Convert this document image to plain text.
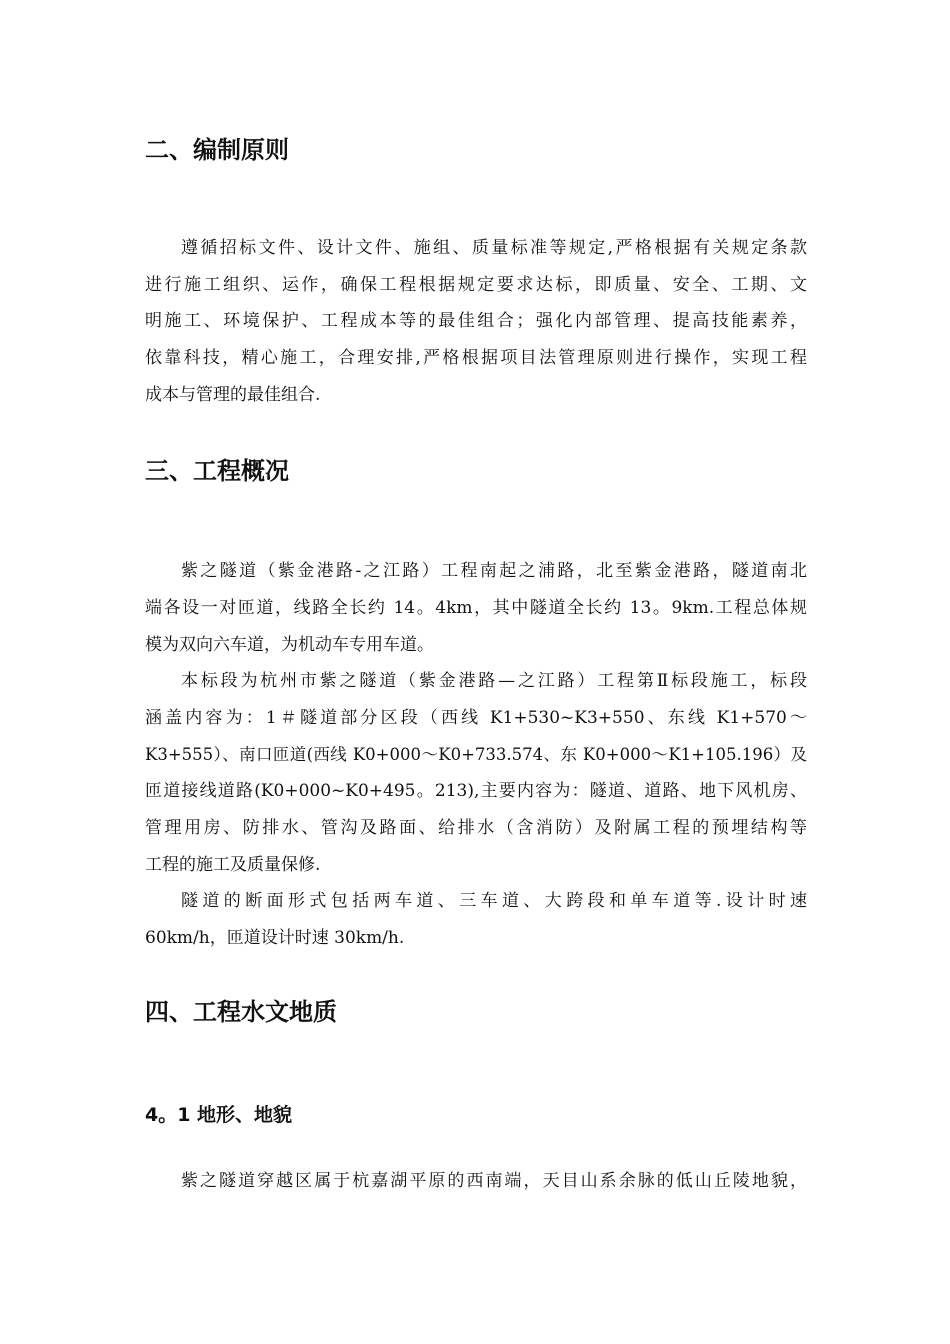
二、编制原则

遵循招标文件、设计文件、施组、质量标准等规定,严格根据有关规定条款

进行施工组织、运作，确保工程根据规定要求达标，即质量、安全、工期、文

明施工、环境保护、工程成本等的最佳组合；强化内部管理、提高技能素养，

依靠科技，精心施工，合理安排,严格根据项目法管理原则进行操作，实现工程

成本与管理的最佳组合.

三、工程概况

紫之隧道（紫金港路-之江路）工程南起之浦路，北至紫金港路，隧道南北

端各设一对匝道，线路全长约 14。4km，其中隧道全长约 13。9km.工程总体规

模为双向六车道，为机动车专用车道。

本标段为杭州市紫之隧道（紫金港路—之江路）工程第Ⅱ标段施工，标段

涵盖内容为：1＃隧道部分区段（西线 K1+530~K3+550、东线 K1+570～

K3+555）、南口匝道(西线 K0+000～K0+733.574、东 K0+000～K1+105.196）及

匝道接线道路(K0+000~K0+495。213),主要内容为：隧道、道路、地下风机房、

管理用房、防排水、管沟及路面、给排水（含消防）及附属工程的预埋结构等

工程的施工及质量保修.

隧道的断面形式包括两车道、三车道、大跨段和单车道等.设计时速

60km/h，匝道设计时速 30km/h.

四、工程水文地质
4。1 地形、地貌

紫之隧道穿越区属于杭嘉湖平原的西南端，天目山系余脉的低山丘陵地貌，
